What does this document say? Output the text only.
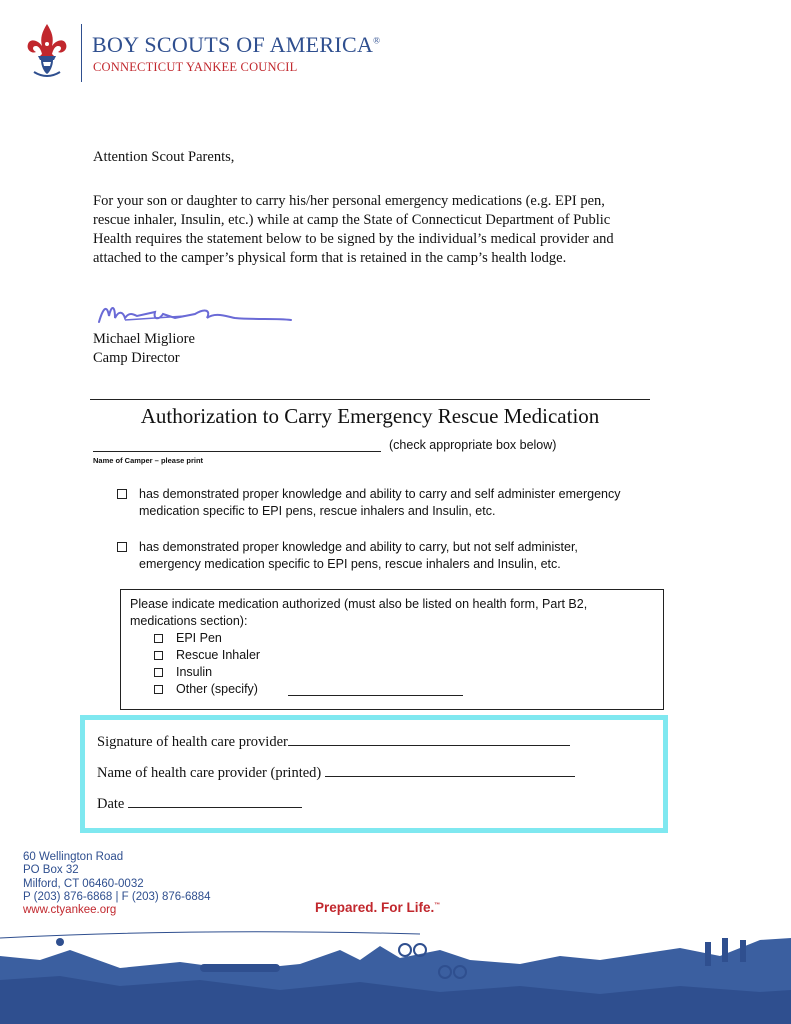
BOY SCOUTS OF AMERICA®
CONNECTICUT YANKEE COUNCIL
Attention Scout Parents,
For your son or daughter to carry his/her personal emergency medications (e.g. EPI pen, rescue inhaler, Insulin, etc.) while at camp the State of Connecticut Department of Public Health requires the statement below to be signed by the individual’s medical provider and attached to the camper’s physical form that is retained in the camp’s health lodge.
Michael Migliore
Camp Director
Authorization to Carry Emergency Rescue Medication
(check appropriate box below)
Name of Camper – please print
has demonstrated proper knowledge and ability to carry and self administer emergency medication specific to EPI pens, rescue inhalers and Insulin, etc.
has demonstrated proper knowledge and ability to carry, but not self administer, emergency medication specific to EPI pens, rescue inhalers and Insulin, etc.
Please indicate medication authorized (must also be listed on health form, Part B2, medications section):
EPI Pen
Rescue Inhaler
Insulin
Other (specify)
Signature of health care provider
Name of health care provider (printed)
Date
60 Wellington Road
PO Box 32
Milford, CT 06460-0032
P (203) 876-6868 | F (203) 876-6884
www.ctyankee.org	Prepared. For Life.™
